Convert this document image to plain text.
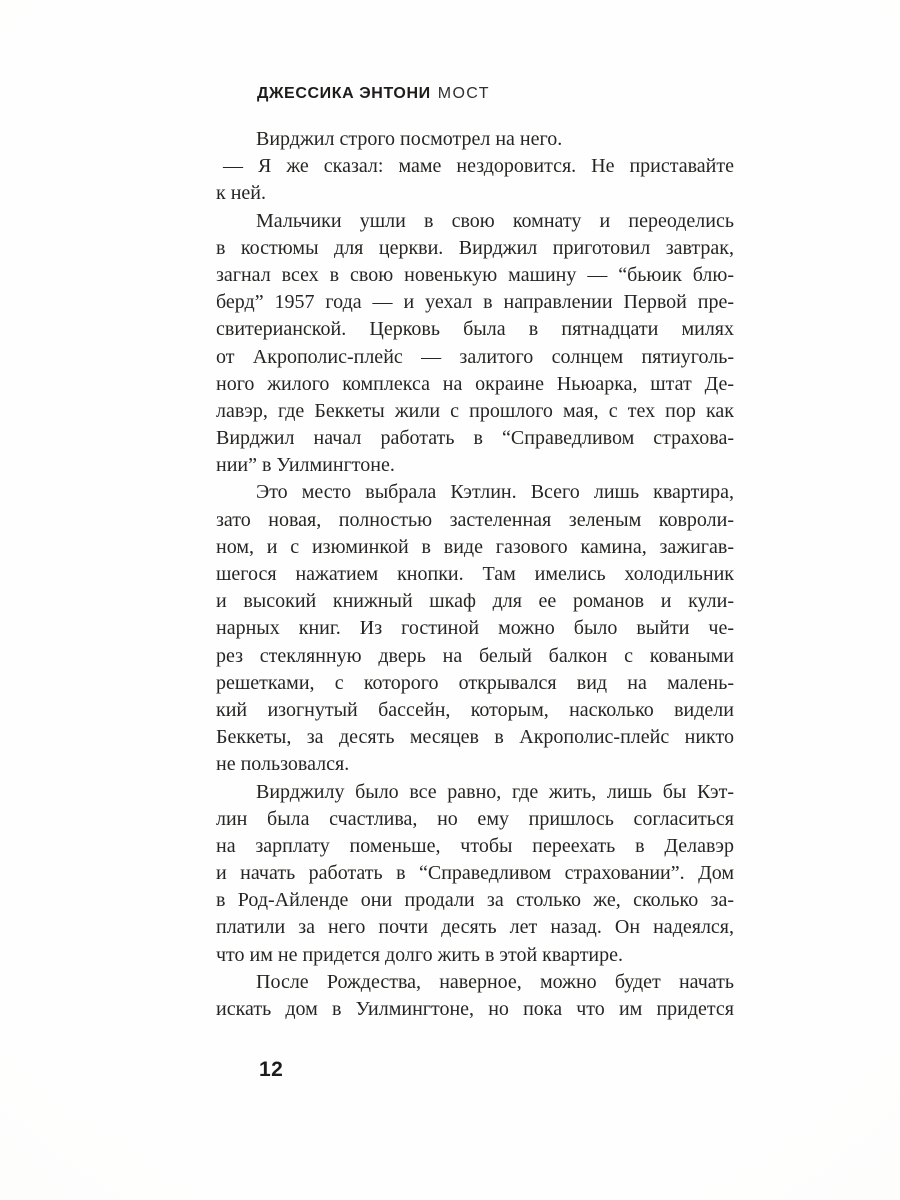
ДЖЕССИКА ЭНТОНИ МОСТ
Вирджил строго посмотрел на него.
— Я же сказал: маме нездоровится. Не приставайте
к ней.
Мальчики ушли в свою комнату и переоделись
в костюмы для церкви. Вирджил приготовил завтрак,
загнал всех в свою новенькую машину — “бьюик блю-
берд” 1957 года — и уехал в направлении Первой пре-
свитерианской. Церковь была в пятнадцати милях
от Акрополис-плейс — залитого солнцем пятиуголь-
ного жилого комплекса на окраине Ньюарка, штат Де-
лавэр, где Беккеты жили с прошлого мая, с тех пор как
Вирджил начал работать в “Справедливом страхова-
нии” в Уилмингтоне.
Это место выбрала Кэтлин. Всего лишь квартира,
зато новая, полностью застеленная зеленым ковроли-
ном, и с изюминкой в виде газового камина, зажигав-
шегося нажатием кнопки. Там имелись холодильник
и высокий книжный шкаф для ее романов и кули-
нарных книг. Из гостиной можно было выйти че-
рез стеклянную дверь на белый балкон с коваными
решетками, с которого открывался вид на малень-
кий изогнутый бассейн, которым, насколько видели
Беккеты, за десять месяцев в Акрополис-плейс никто
не пользовался.
Вирджилу было все равно, где жить, лишь бы Кэт-
лин была счастлива, но ему пришлось согласиться
на зарплату поменьше, чтобы переехать в Делавэр
и начать работать в “Справедливом страховании”. Дом
в Род-Айленде они продали за столько же, сколько за-
платили за него почти десять лет назад. Он надеялся,
что им не придется долго жить в этой квартире.
После Рождества, наверное, можно будет начать
искать дом в Уилмингтоне, но пока что им придется
12
